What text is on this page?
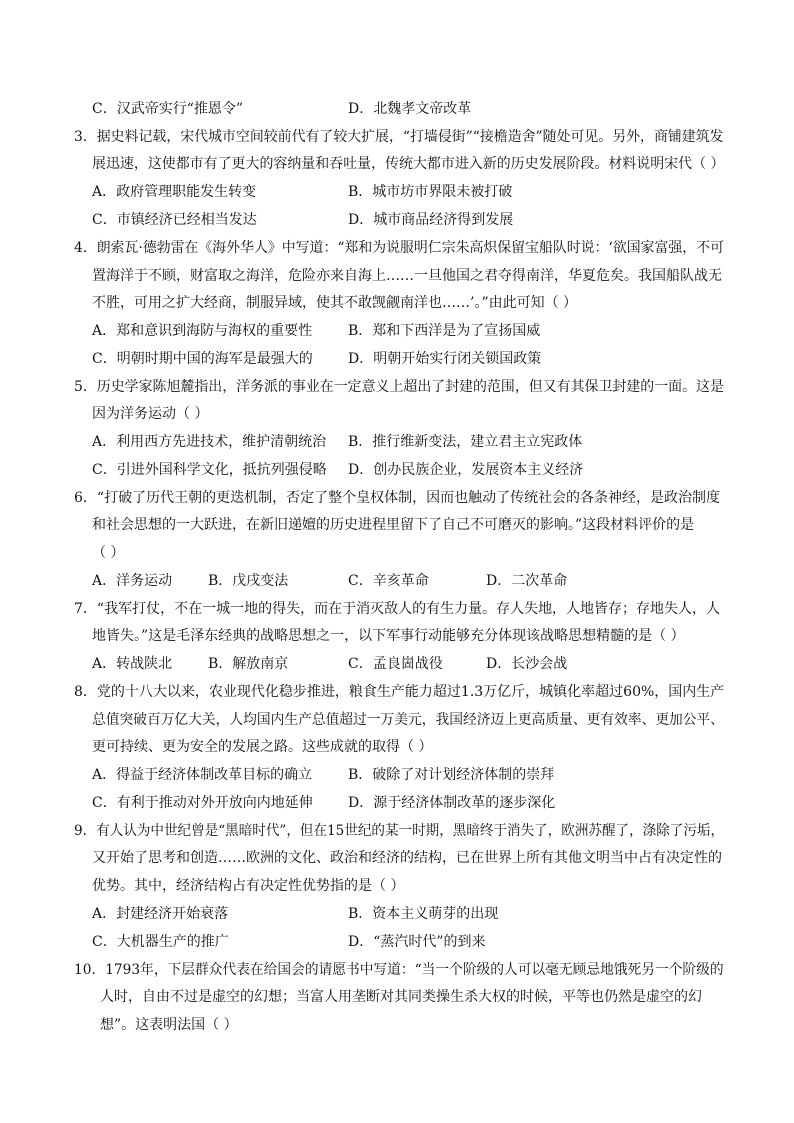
C．汉武帝实行“推恩令”	D．北魏孝文帝改革
3．据史料记载，宋代城市空间较前代有了较大扩展，“打墙侵街”“接檐造舍”随处可见。另外，商铺建筑发
展迅速，这使都市有了更大的容纳量和吞吐量，传统大都市进入新的历史发展阶段。材料说明宋代（ ）
A．政府管理职能发生转变	B．城市坊市界限未被打破
C．市镇经济已经相当发达	D．城市商品经济得到发展
4．朗索瓦·德勃雷在《海外华人》中写道：“郑和为说服明仁宗朱高炽保留宝船队时说：‘欲国家富强，不可
置海洋于不顾，财富取之海洋，危险亦来自海上……一旦他国之君夺得南洋，华夏危矣。我国船队战无
不胜，可用之扩大经商，制服异域，使其不敢觊觎南洋也……’。”由此可知（ ）
A．郑和意识到海防与海权的重要性	B．郑和下西洋是为了宣扬国威
C．明朝时期中国的海军是最强大的	D．明朝开始实行闭关锁国政策
5．历史学家陈旭麓指出，洋务派的事业在一定意义上超出了封建的范围，但又有其保卫封建的一面。这是
因为洋务运动（ ）
A．利用西方先进技术，维护清朝统治 B．推行维新变法，建立君主立宪政体
C．引进外国科学文化，抵抗列强侵略 D．创办民族企业，发展资本主义经济
6．“打破了历代王朝的更迭机制，否定了整个皇权体制，因而也触动了传统社会的各条神经，是政治制度
和社会思想的一大跃进，在新旧递嬗的历史进程里留下了自己不可磨灭的影响。”这段材料评价的是
（ ）
A．洋务运动	B．戊戌变法	C．辛亥革命	D．二次革命
7．“我军打仗，不在一城一地的得失，而在于消灭敌人的有生力量。存人失地，人地皆存；存地失人，人
地皆失。”这是毛泽东经典的战略思想之一，以下军事行动能够充分体现该战略思想精髓的是（ ）
A．转战陕北	B．解放南京	C．孟良崮战役	D．长沙会战
8．党的十八大以来，农业现代化稳步推进，粮食生产能力超过1.3万亿斤，城镇化率超过60%，国内生产
总值突破百万亿大关，人均国内生产总值超过一万美元，我国经济迈上更高质量、更有效率、更加公平、
更可持续、更为安全的发展之路。这些成就的取得（ ）
A．得益于经济体制改革目标的确立	B．破除了对计划经济体制的崇拜
C．有利于推动对外开放向内地延伸	D．源于经济体制改革的逐步深化
9．有人认为中世纪曾是“黑暗时代”，但在15世纪的某一时期，黑暗终于消失了，欧洲苏醒了，涤除了污垢，
又开始了思考和创造……欧洲的文化、政治和经济的结构，已在世界上所有其他文明当中占有决定性的
优势。其中，经济结构占有决定性优势指的是（ ）
A．封建经济开始衰落	B．资本主义萌芽的出现
C．大机器生产的推广	D．“蒸汽时代”的到来
10．1793年，下层群众代表在给国会的请愿书中写道：“当一个阶级的人可以毫无顾忌地饿死另一个阶级的
人时，自由不过是虚空的幻想；当富人用垄断对其同类操生杀大权的时候，平等也仍然是虚空的幻
想”。这表明法国（ ）
